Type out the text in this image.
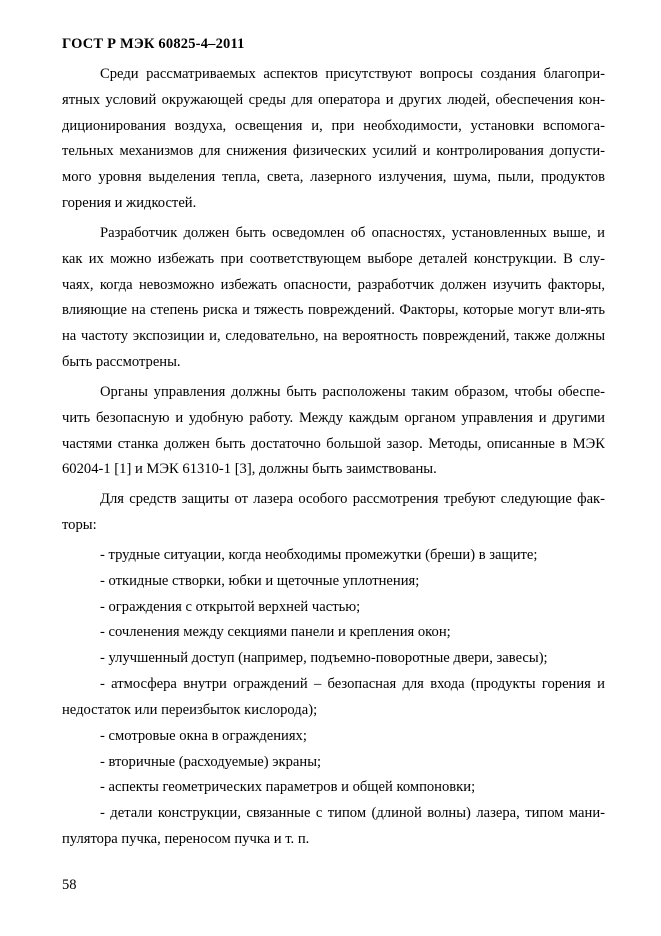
ГОСТ Р МЭК 60825-4–2011

Среди рассматриваемых аспектов присутствуют вопросы создания благопри-ятных условий окружающей среды для оператора и других людей, обеспечения кон-диционирования воздуха, освещения и, при необходимости, установки вспомога-тельных механизмов для снижения физических усилий и контролирования допусти-мого уровня выделения тепла, света, лазерного излучения, шума, пыли, продуктов горения и жидкостей.

Разработчик должен быть осведомлен об опасностях, установленных выше, и как их можно избежать при соответствующем выборе деталей конструкции. В слу-чаях, когда невозможно избежать опасности, разработчик должен изучить факторы, влияющие на степень риска и тяжесть повреждений. Факторы, которые могут вли-ять на частоту экспозиции и, следовательно, на вероятность повреждений, также должны быть рассмотрены.

Органы управления должны быть расположены таким образом, чтобы обеспе-чить безопасную и удобную работу. Между каждым органом управления и другими частями станка должен быть достаточно большой зазор. Методы, описанные в МЭК 60204-1 [1] и МЭК 61310-1 [3], должны быть заимствованы.

Для средств защиты от лазера особого рассмотрения требуют следующие фак-торы:

- трудные ситуации, когда необходимы промежутки (бреши) в защите;

- откидные створки, юбки и щеточные уплотнения;

- ограждения с открытой верхней частью;

- сочленения между секциями панели и крепления окон;

- улучшенный доступ (например, подъемно-поворотные двери, завесы);

- атмосфера внутри ограждений – безопасная для входа (продукты горения и недостаток или переизбыток кислорода);

- смотровые окна в ограждениях;

- вторичные (расходуемые) экраны;

- аспекты геометрических параметров и общей компоновки;

- детали конструкции, связанные с типом (длиной волны) лазера, типом мани-пулятора пучка, переносом пучка и т. п.

58
